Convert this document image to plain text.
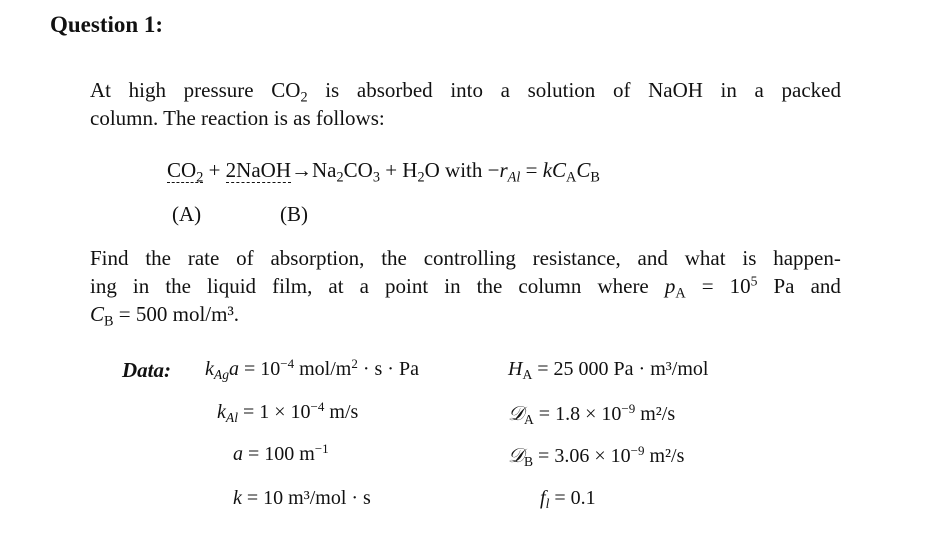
Question 1:
At high pressure $CO_2$ is absorbed into a solution of NaOH in a packed
column. The reaction is as follows:
$CO_2$ + $2NaOH\to Na_2CO_3 + H_2O$ with $-r_{Al} = kC_AC_B$
(A)	(B)
Find the rate of absorption, the controlling resistance, and what is happen-
ing in the liquid film, at a point in the column where $p_A = 10^5$ Pa and
$C_B = 500$ mol/m³.
Data: $k_{Ag}a = 10^{-4}$ mol/$m^2 \cdot s \cdot Pa$
$k_{Al} = 1 \times 10^{-4}$ m/s
a = 100 $m^{-1}$
k = 10 m³/mol · s
$H_A = 25$ 000 Pa · m³/mol
𝒟$_A$ = $1.8 \times 10^{-9}$ m²/s
𝒟$_B$ = $3.06 \times 10^{-9}$ m²/s
$f_l = 0.1$
